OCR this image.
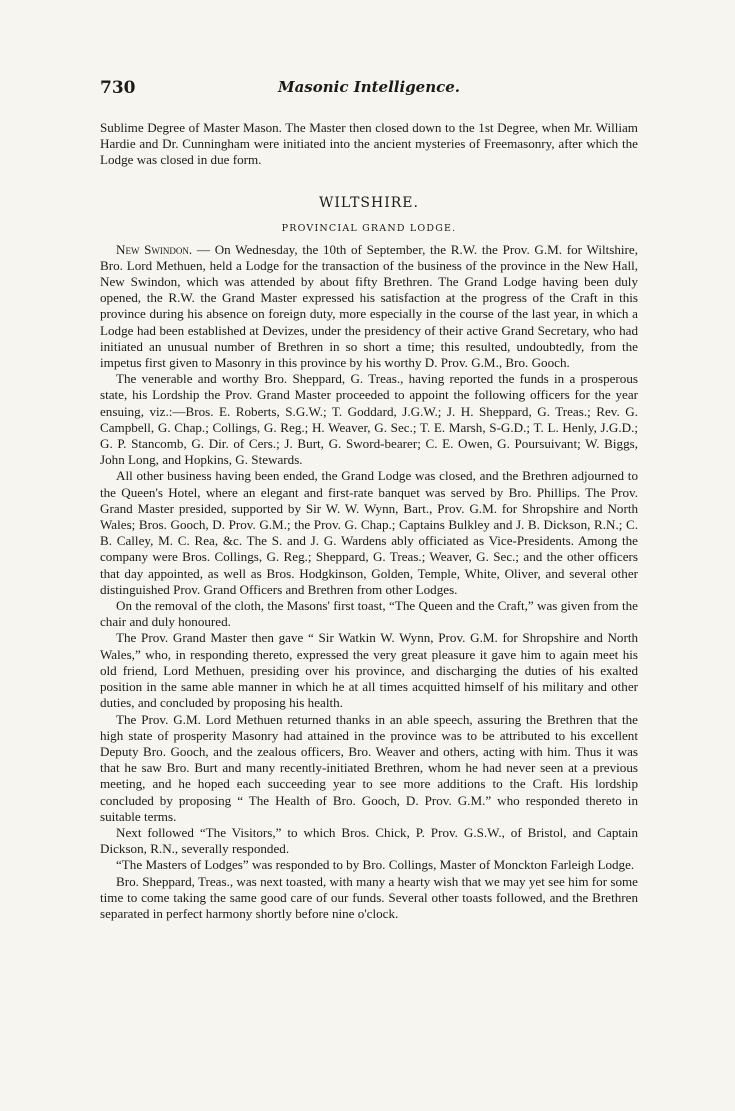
730	Masonic Intelligence.

Sublime Degree of Master Mason. The Master then closed down to the 1st Degree, when Mr. William Hardie and Dr. Cunningham were initiated into the ancient mysteries of Freemasonry, after which the Lodge was closed in due form.

WILTSHIRE.
PROVINCIAL GRAND LODGE.

New Swindon. — On Wednesday, the 10th of September, the R.W. the Prov. G.M. for Wiltshire, Bro. Lord Methuen, held a Lodge for the transaction of the business of the province in the New Hall, New Swindon, which was attended by about fifty Brethren. The Grand Lodge having been duly opened, the R.W. the Grand Master expressed his satisfaction at the progress of the Craft in this province during his absence on foreign duty, more especially in the course of the last year, in which a Lodge had been established at Devizes, under the presidency of their active Grand Secretary, who had initiated an unusual number of Brethren in so short a time; this resulted, undoubtedly, from the impetus first given to Masonry in this province by his worthy D. Prov. G.M., Bro. Gooch.

The venerable and worthy Bro. Sheppard, G. Treas., having reported the funds in a prosperous state, his Lordship the Prov. Grand Master proceeded to appoint the following officers for the year ensuing, viz.:—Bros. E. Roberts, S.G.W.; T. Goddard, J.G.W.; J. H. Sheppard, G. Treas.; Rev. G. Campbell, G. Chap.; Collings, G. Reg.; H. Weaver, G. Sec.; T. E. Marsh, S-G.D.; T. L. Henly, J.G.D.; G. P. Stancomb, G. Dir. of Cers.; J. Burt, G. Sword-bearer; C. E. Owen, G. Poursuivant; W. Biggs, John Long, and Hopkins, G. Stewards.

All other business having been ended, the Grand Lodge was closed, and the Brethren adjourned to the Queen's Hotel, where an elegant and first-rate banquet was served by Bro. Phillips. The Prov. Grand Master presided, supported by Sir W. W. Wynn, Bart., Prov. G.M. for Shropshire and North Wales; Bros. Gooch, D. Prov. G.M.; the Prov. G. Chap.; Captains Bulkley and J. B. Dickson, R.N.; C. B. Calley, M. C. Rea, &c. The S. and J. G. Wardens ably officiated as Vice-Presidents. Among the company were Bros. Collings, G. Reg.; Sheppard, G. Treas.; Weaver, G. Sec.; and the other officers that day appointed, as well as Bros. Hodgkinson, Golden, Temple, White, Oliver, and several other distinguished Prov. Grand Officers and Brethren from other Lodges.

On the removal of the cloth, the Masons' first toast, “The Queen and the Craft,” was given from the chair and duly honoured.

The Prov. Grand Master then gave “ Sir Watkin W. Wynn, Prov. G.M. for Shropshire and North Wales,” who, in responding thereto, expressed the very great pleasure it gave him to again meet his old friend, Lord Methuen, presiding over his province, and discharging the duties of his exalted position in the same able manner in which he at all times acquitted himself of his military and other duties, and concluded by proposing his health.

The Prov. G.M. Lord Methuen returned thanks in an able speech, assuring the Brethren that the high state of prosperity Masonry had attained in the province was to be attributed to his excellent Deputy Bro. Gooch, and the zealous officers, Bro. Weaver and others, acting with him. Thus it was that he saw Bro. Burt and many recently-initiated Brethren, whom he had never seen at a previous meeting, and he hoped each succeeding year to see more additions to the Craft. His lordship concluded by proposing “ The Health of Bro. Gooch, D. Prov. G.M.” who responded thereto in suitable terms.

Next followed “The Visitors,” to which Bros. Chick, P. Prov. G.S.W., of Bristol, and Captain Dickson, R.N., severally responded.

“The Masters of Lodges” was responded to by Bro. Collings, Master of Monckton Farleigh Lodge.

Bro. Sheppard, Treas., was next toasted, with many a hearty wish that we may yet see him for some time to come taking the same good care of our funds. Several other toasts followed, and the Brethren separated in perfect harmony shortly before nine o'clock.
